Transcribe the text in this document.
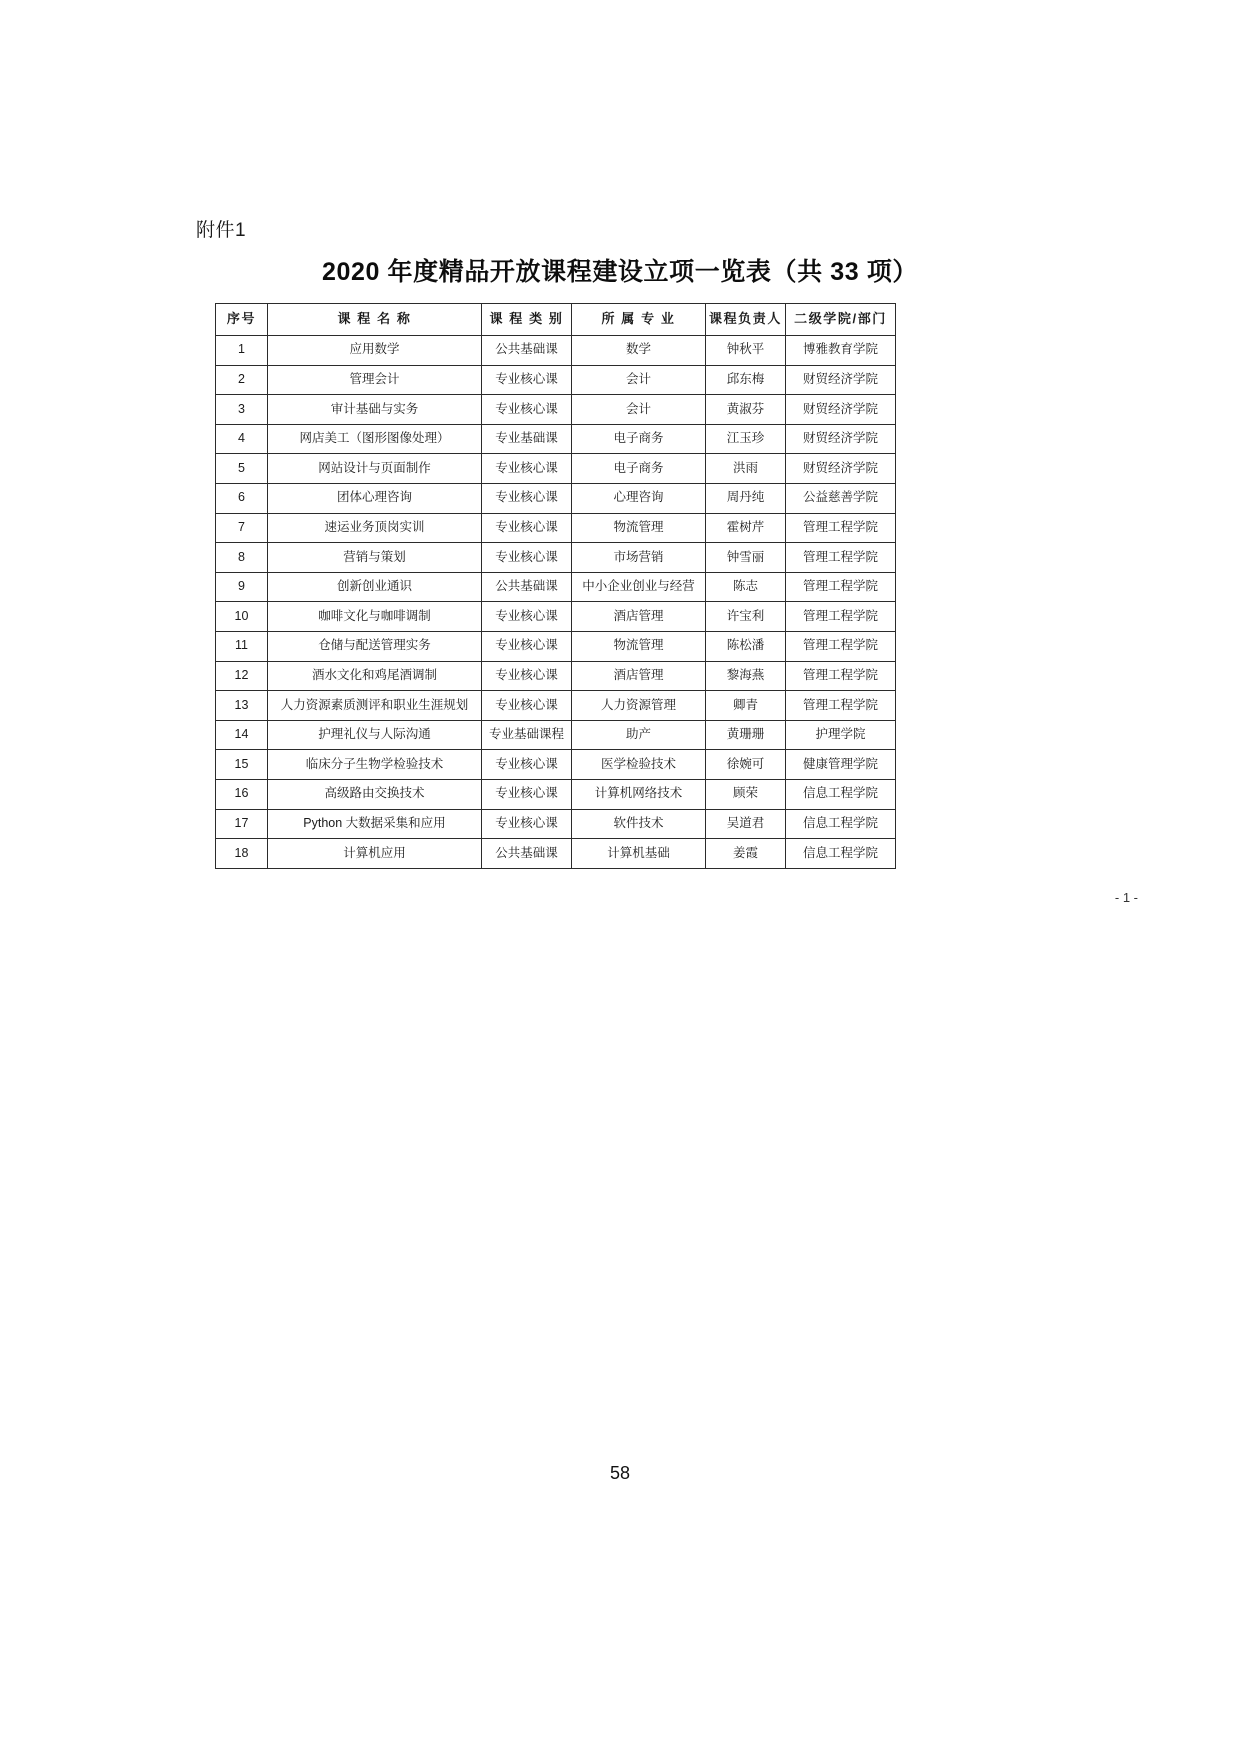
附件1
2020 年度精品开放课程建设立项一览表（共 33 项）
序号	课 程 名 称	课 程 类 别	所 属 专 业	课程负责人	二级学院/部门
1	应用数学	公共基础课	数学	钟秋平	博雅教育学院
2	管理会计	专业核心课	会计	邱东梅	财贸经济学院
3	审计基础与实务	专业核心课	会计	黄淑芬	财贸经济学院
4	网店美工（图形图像处理）	专业基础课	电子商务	江玉珍	财贸经济学院
5	网站设计与页面制作	专业核心课	电子商务	洪雨	财贸经济学院
6	团体心理咨询	专业核心课	心理咨询	周丹纯	公益慈善学院
7	速运业务顶岗实训	专业核心课	物流管理	霍树芹	管理工程学院
8	营销与策划	专业核心课	市场营销	钟雪丽	管理工程学院
9	创新创业通识	公共基础课	中小企业创业与经营	陈志	管理工程学院
10	咖啡文化与咖啡调制	专业核心课	酒店管理	许宝利	管理工程学院
11	仓储与配送管理实务	专业核心课	物流管理	陈松潘	管理工程学院
12	酒水文化和鸡尾酒调制	专业核心课	酒店管理	黎海燕	管理工程学院
13	人力资源素质测评和职业生涯规划	专业核心课	人力资源管理	卿青	管理工程学院
14	护理礼仪与人际沟通	专业基础课程	助产	黄珊珊	护理学院
15	临床分子生物学检验技术	专业核心课	医学检验技术	徐婉可	健康管理学院
16	高级路由交换技术	专业核心课	计算机网络技术	顾荣	信息工程学院
17	Python 大数据采集和应用	专业核心课	软件技术	吴道君	信息工程学院
18	计算机应用	公共基础课	计算机基础	姜霞	信息工程学院
- 1 -
58
